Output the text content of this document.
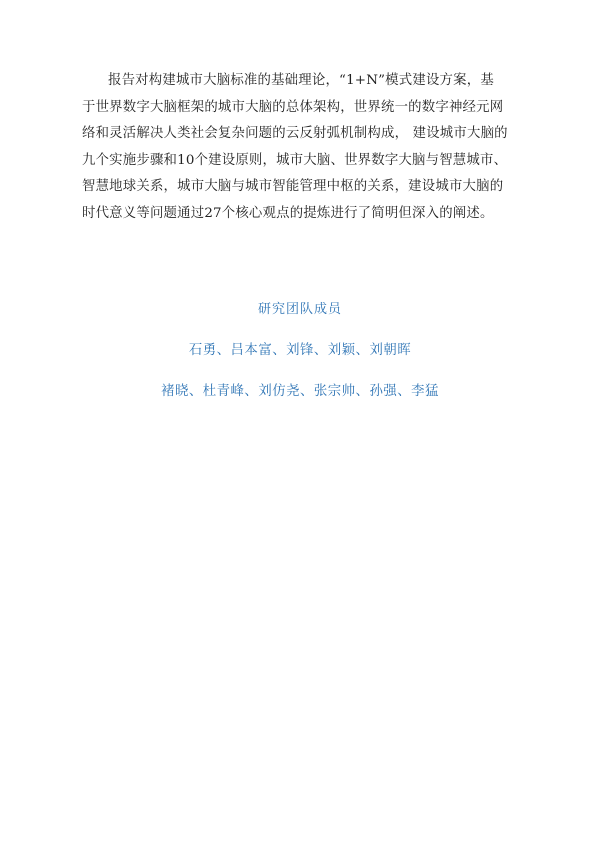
报告对构建城市大脑标准的基础理论，“1+N”模式建设方案，基
于世界数字大脑框架的城市大脑的总体架构，世界统一的数字神经元网
络和灵活解决人类社会复杂问题的云反射弧机制构成， 建设城市大脑的
九个实施步骤和10个建设原则，城市大脑、世界数字大脑与智慧城市、
智慧地球关系，城市大脑与城市智能管理中枢的关系，建设城市大脑的
时代意义等问题通过27个核心观点的提炼进行了简明但深入的阐述。
研究团队成员
石勇、吕本富、刘锋、刘颖、刘朝晖
褚晓、杜青峰、刘仿尧、张宗帅、孙强、李猛
